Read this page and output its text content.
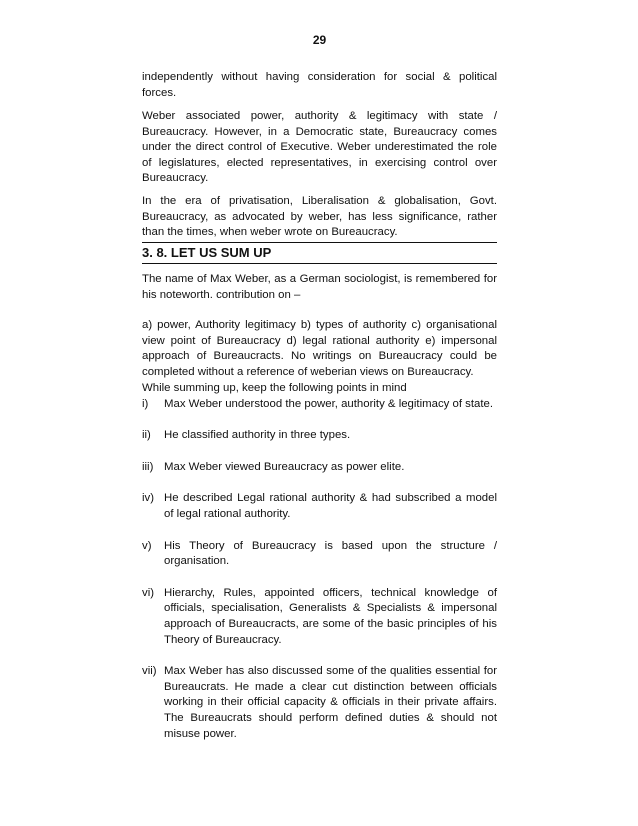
29

independently without having consideration for social & political forces.

Weber associated power, authority & legitimacy with state / Bureaucracy. However, in a Democratic state, Bureaucracy comes under the direct control of Executive. Weber underestimated the role of legislatures, elected representatives, in exercising control over Bureaucracy.

In the era of privatisation, Liberalisation & globalisation, Govt. Bureaucracy, as advocated by weber, has less significance, rather than the times, when weber wrote on Bureaucracy.

3. 8. LET US SUM UP

The name of Max Weber, as a German sociologist, is remembered for his noteworth. contribution on –

a) power, Authority legitimacy b) types of authority c) organisational view point of Bureaucracy d) legal rational authority e) impersonal approach of Bureaucracts. No writings on Bureaucracy could be completed without a reference of weberian views on Bureaucracy.

While summing up, keep the following points in mind
i)	Max Weber understood the power, authority & legitimacy of state.
ii)	He classified authority in three types.
iii) Max Weber viewed Bureaucracy as power elite.
iv) He described Legal rational authority & had subscribed a model of legal rational authority.
v)	His Theory of Bureaucracy is based upon the structure / organisation.
vi) Hierarchy, Rules, appointed officers, technical knowledge of officials, specialisation, Generalists & Specialists & impersonal approach of Bureaucracts, are some of the basic principles of his Theory of Bureaucracy.
vii) Max Weber has also discussed some of the qualities essential for Bureaucrats. He made a clear cut distinction between officials working in their official capacity & officials in their private affairs. The Bureaucrats should perform defined duties & should not misuse power.
